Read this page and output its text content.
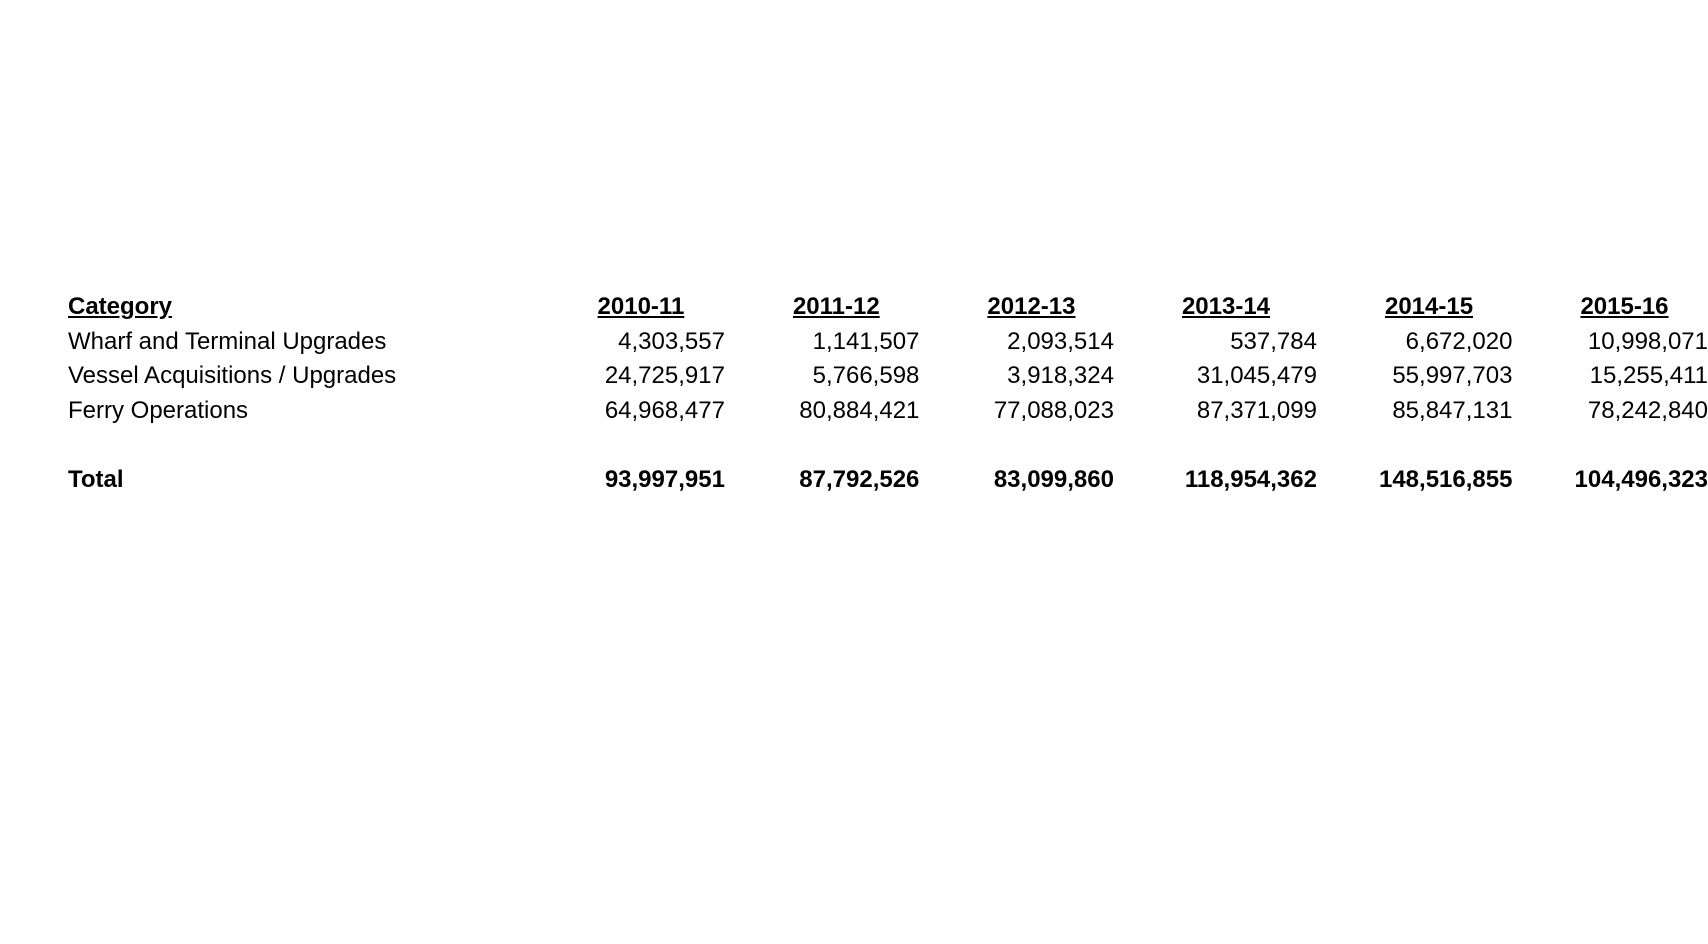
Category	2010-11	2011-12	2012-13	2013-14	2014-15	2015-16
Wharf and Terminal Upgrades	4,303,557	1,141,507	2,093,514	537,784	6,672,020	10,998,071
Vessel Acquisitions / Upgrades	24,725,917	5,766,598	3,918,324	31,045,479	55,997,703	15,255,411
Ferry Operations	64,968,477	80,884,421	77,088,023	87,371,099	85,847,131	78,242,840

Total	93,997,951	87,792,526	83,099,860	118,954,362	148,516,855	104,496,323
